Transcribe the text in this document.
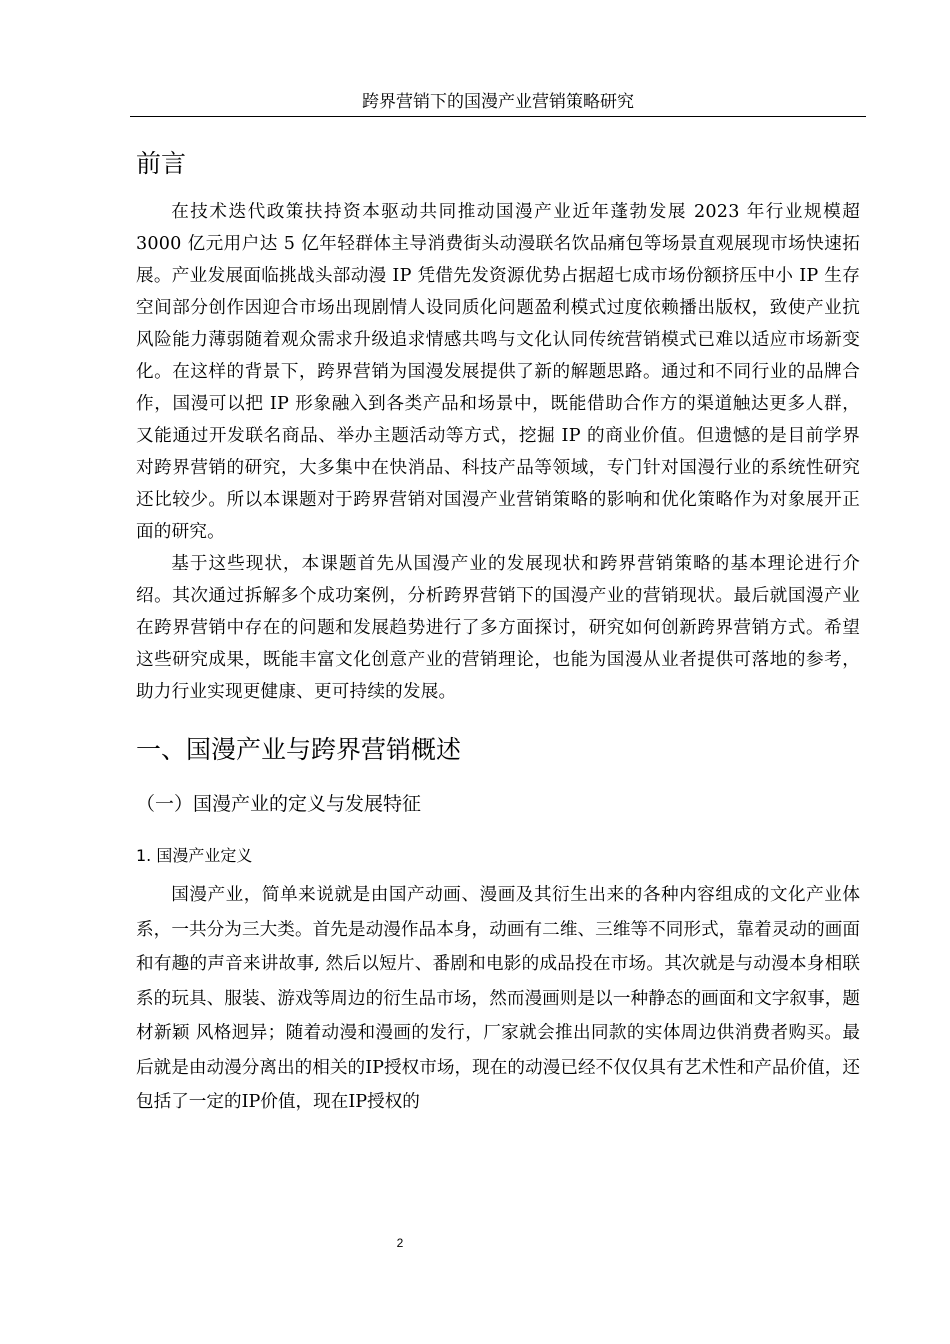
跨界营销下的国漫产业营销策略研究
前言

在技术迭代政策扶持资本驱动共同推动国漫产业近年蓬勃发展 2023 年行业规模超 3000 亿元用户达 5 亿年轻群体主导消费街头动漫联名饮品痛包等场景直观展现市场快速拓展。产业发展面临挑战头部动漫 IP 凭借先发资源优势占据超七成市场份额挤压中小 IP 生存空间部分创作因迎合市场出现剧情人设同质化问题盈利模式过度依赖播出版权，致使产业抗风险能力薄弱随着观众需求升级追求情感共鸣与文化认同传统营销模式已难以适应市场新变化。在这样的背景下，跨界营销为国漫发展提供了新的解题思路。通过和不同行业的品牌合作，国漫可以把 IP 形象融入到各类产品和场景中，既能借助合作方的渠道触达更多人群，又能通过开发联名商品、举办主题活动等方式，挖掘 IP 的商业价值。但遗憾的是目前学界对跨界营销的研究，大多集中在快消品、科技产品等领域，专门针对国漫行业的系统性研究还比较少。所以本课题对于跨界营销对国漫产业营销策略的影响和优化策略作为对象展开正面的研究。

基于这些现状，本课题首先从国漫产业的发展现状和跨界营销策略的基本理论进行介绍。其次通过拆解多个成功案例，分析跨界营销下的国漫产业的营销现状。最后就国漫产业在跨界营销中存在的问题和发展趋势进行了多方面探讨，研究如何创新跨界营销方式。希望这些研究成果，既能丰富文化创意产业的营销理论，也能为国漫从业者提供可落地的参考，助力行业实现更健康、更可持续的发展。

一、国漫产业与跨界营销概述
（一）国漫产业的定义与发展特征
1. 国漫产业定义

国漫产业，简单来说就是由国产动画、漫画及其衍生出来的各种内容组成的文化产业体系，一共分为三大类。首先是动漫作品本身，动画有二维、三维等不同形式，靠着灵动的画面和有趣的声音来讲故事, 然后以短片、番剧和电影的成品投在市场。其次就是与动漫本身相联系的玩具、服装、游戏等周边的衍生品市场，然而漫画则是以一种静态的画面和文字叙事，题材新颖 风格迥异；随着动漫和漫画的发行，厂家就会推出同款的实体周边供消费者购买。最后就是由动漫分离出的相关的IP授权市场，现在的动漫已经不仅仅具有艺术性和产品价值，还包括了一定的IP价值，现在IP授权的

2
